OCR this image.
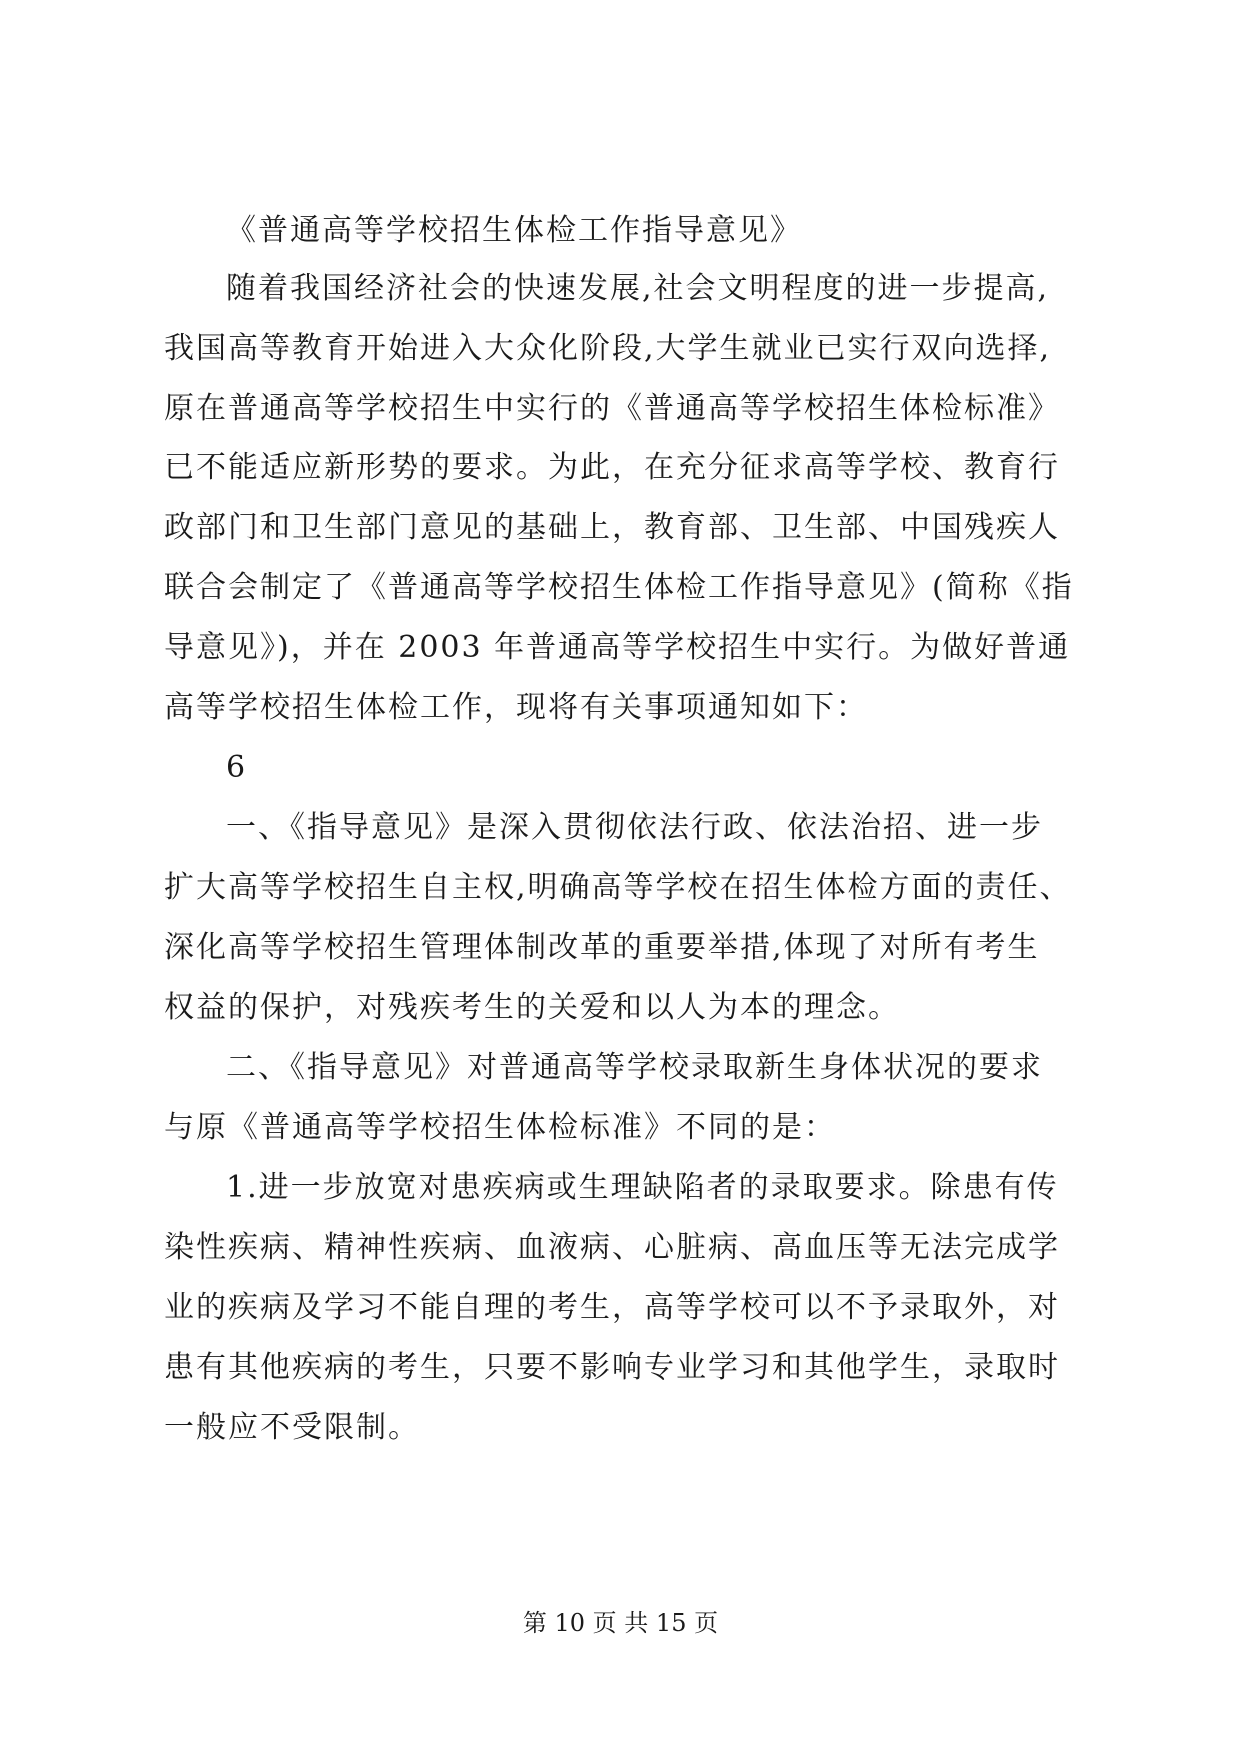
《普通高等学校招生体检工作指导意见》
随着我国经济社会的快速发展,社会文明程度的进一步提高,
我国高等教育开始进入大众化阶段,大学生就业已实行双向选择,
原在普通高等学校招生中实行的《普通高等学校招生体检标准》
已不能适应新形势的要求。为此，在充分征求高等学校、教育行
政部门和卫生部门意见的基础上，教育部、卫生部、中国残疾人
联合会制定了《普通高等学校招生体检工作指导意见》(简称《指
导意见》)，并在 2003 年普通高等学校招生中实行。为做好普通
高等学校招生体检工作，现将有关事项通知如下：
6
一、《指导意见》是深入贯彻依法行政、依法治招、进一步
扩大高等学校招生自主权,明确高等学校在招生体检方面的责任、
深化高等学校招生管理体制改革的重要举措,体现了对所有考生
权益的保护，对残疾考生的关爱和以人为本的理念。
二、《指导意见》对普通高等学校录取新生身体状况的要求
与原《普通高等学校招生体检标准》不同的是：
1.进一步放宽对患疾病或生理缺陷者的录取要求。除患有传
染性疾病、精神性疾病、血液病、心脏病、高血压等无法完成学
业的疾病及学习不能自理的考生，高等学校可以不予录取外，对
患有其他疾病的考生，只要不影响专业学习和其他学生，录取时
一般应不受限制。
第 10 页 共 15 页
